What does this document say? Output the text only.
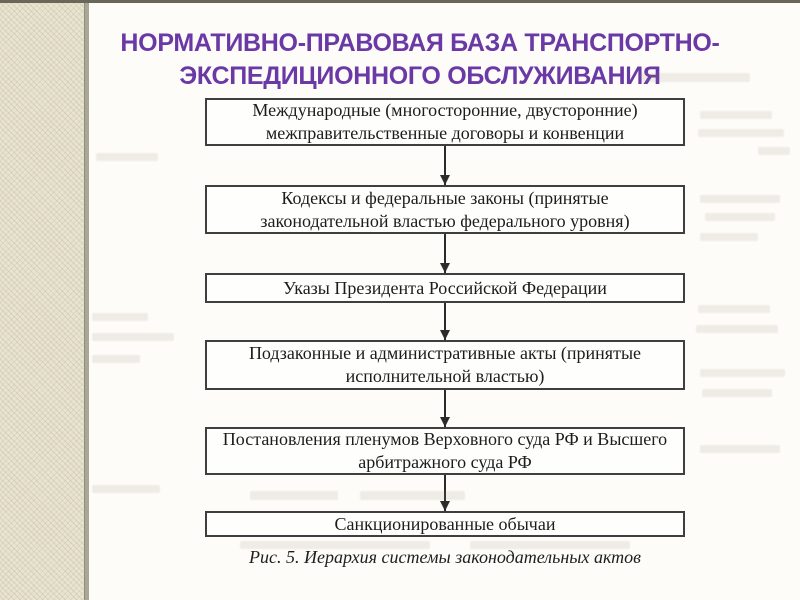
НОРМАТИВНО-ПРАВОВАЯ БАЗА ТРАНСПОРТНО-ЭКСПЕДИЦИОННОГО ОБСЛУЖИВАНИЯ
Международные (многосторонние, двусторонние) межправительственные договоры и конвенции
Кодексы и федеральные законы (принятые законодательной властью федерального уровня)
Указы Президента Российской Федерации
Подзаконные и административные акты (принятые исполнительной властью)
Постановления пленумов Верховного суда РФ и Высшего арбитражного суда РФ
Санкционированные обычаи
Рис. 5. Иерархия системы законодательных актов
